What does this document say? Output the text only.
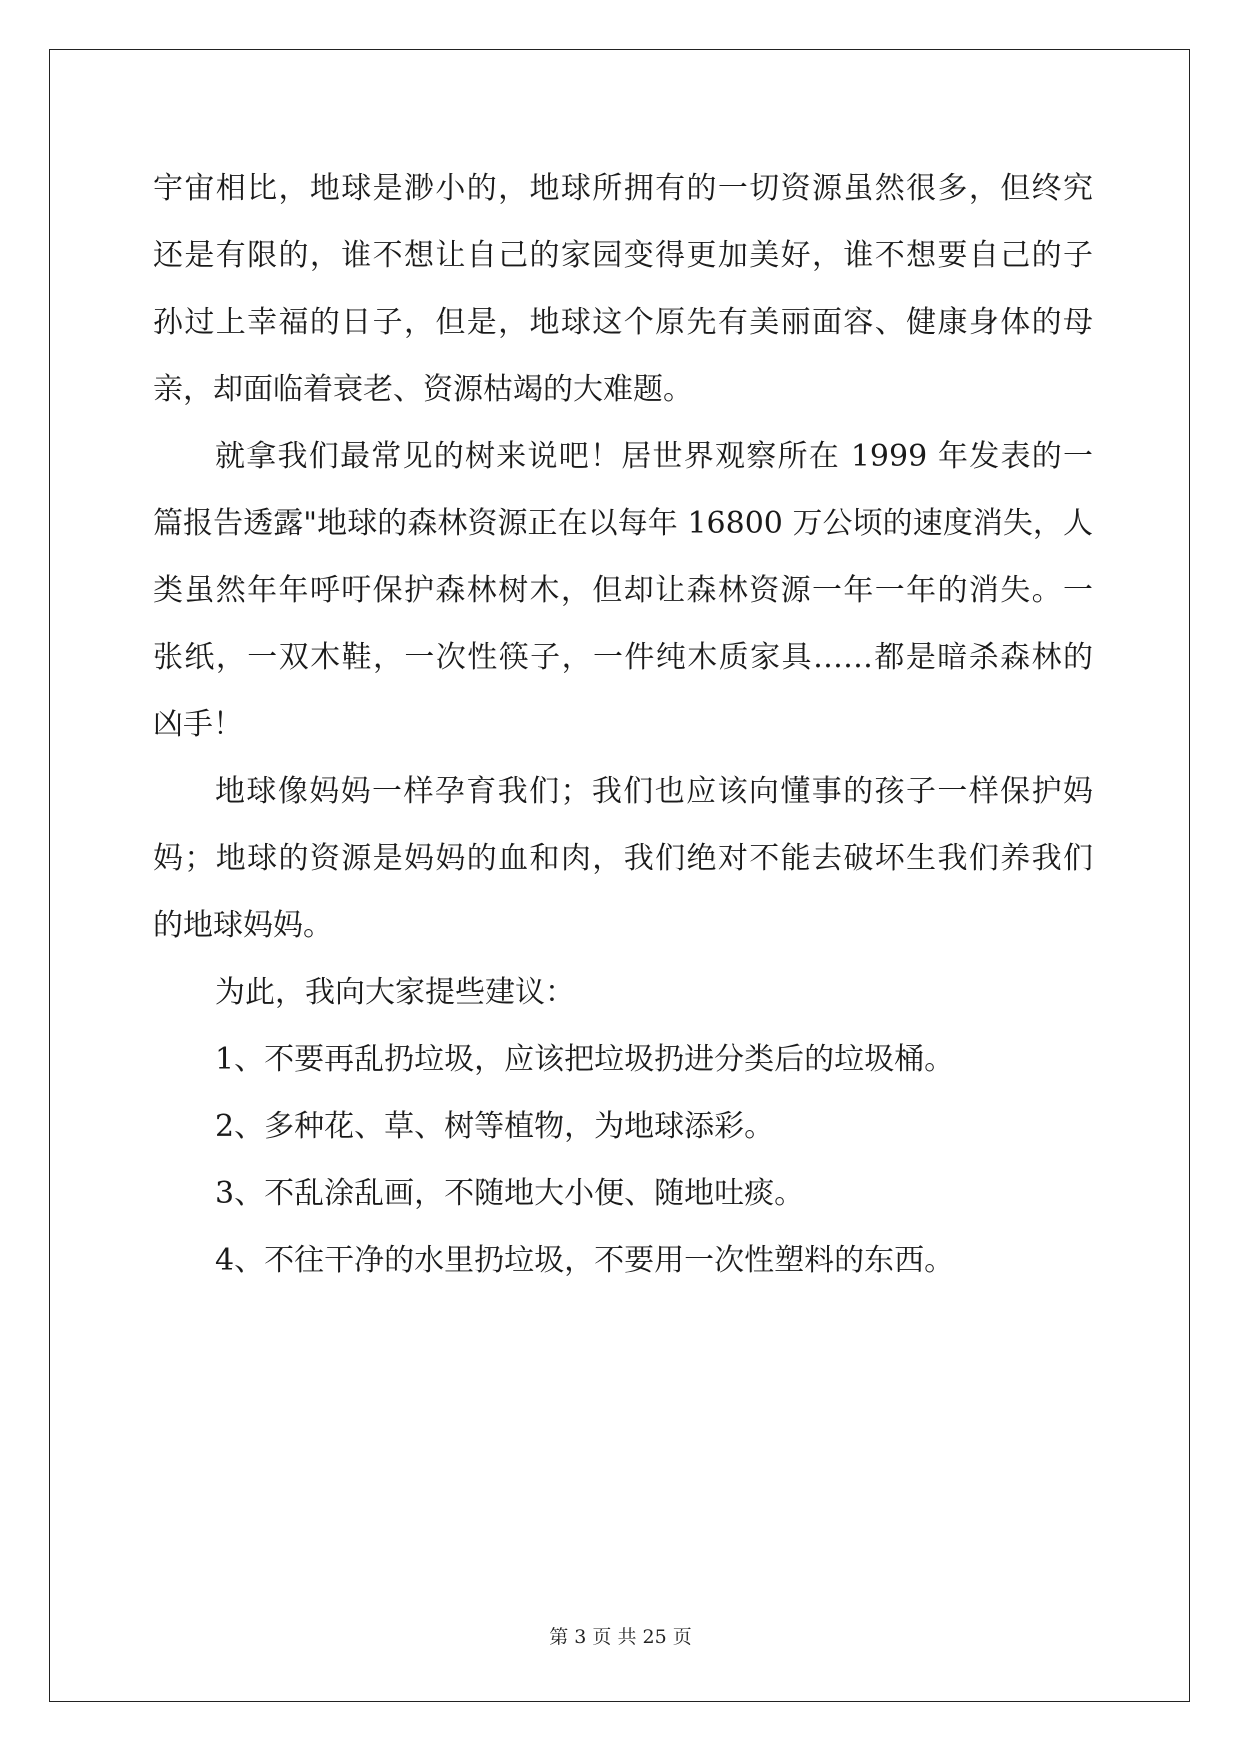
宇宙相比，地球是渺小的，地球所拥有的一切资源虽然很多，但终究
还是有限的，谁不想让自己的家园变得更加美好，谁不想要自己的子
孙过上幸福的日子，但是，地球这个原先有美丽面容、健康身体的母
亲，却面临着衰老、资源枯竭的大难题。
就拿我们最常见的树来说吧！居世界观察所在 1999 年发表的一
篇报告透露"地球的森林资源正在以每年 16800 万公顷的速度消失，人
类虽然年年呼吁保护森林树木，但却让森林资源一年一年的消失。一
张纸，一双木鞋，一次性筷子，一件纯木质家具……都是暗杀森林的
凶手！
地球像妈妈一样孕育我们；我们也应该向懂事的孩子一样保护妈
妈；地球的资源是妈妈的血和肉，我们绝对不能去破坏生我们养我们
的地球妈妈。
为此，我向大家提些建议：
1、不要再乱扔垃圾，应该把垃圾扔进分类后的垃圾桶。
2、多种花、草、树等植物，为地球添彩。
3、不乱涂乱画，不随地大小便、随地吐痰。
4、不往干净的水里扔垃圾，不要用一次性塑料的东西。
第 3 页 共 25 页
